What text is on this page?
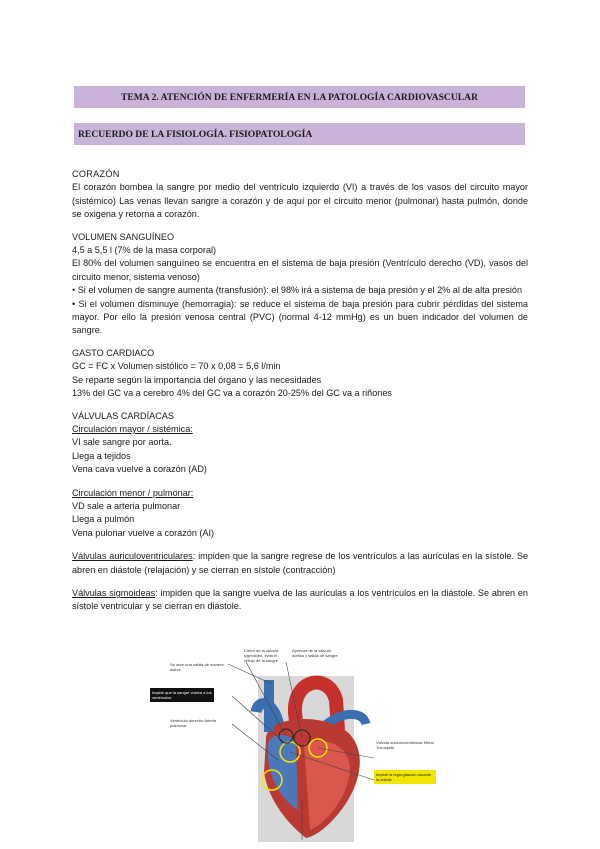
TEMA 2. ATENCIÓN DE ENFERMERÍA EN LA PATOLOGÍA CARDIOVASCULAR
RECUERDO DE LA FISIOLOGÍA. FISIOPATOLOGÍA

CORAZÓN

El corazón bombea la sangre por medio del ventrículo izquierdo (VI) a través de los vasos del circuito mayor (sistémico) Las venas llevan sangre a corazón y de aquí por el circuito menor (pulmonar) hasta pulmón, donde se oxigena y retorna a corazón.

VOLUMEN SANGUÍNEO

4,5 a 5,5 l (7% de la masa corporal)

El 80% del volumen sanguíneo se encuentra en el sistema de baja presión (Ventrículo derecho (VD), vasos del circuito menor, sistema venoso)

• Si el volumen de sangre aumenta (transfusión): el 98% irá a sistema de baja presión y el 2% al de alta presión

• Si el volumen disminuye (hemorragia): se reduce el sistema de baja presión para cubrir pérdidas del sistema mayor. Por ello la presión venosa central (PVC) (normal 4-12 mmHg) es un buen indicador del volumen de sangre.

GASTO CARDIACO

GC = FC x Volumen sistólico = 70 x 0,08 = 5,6 l/min

Se reparte según la importancia del órgano y las necesidades

13% del GC va a cerebro 4% del GC va a corazón 20-25% del GC va a riñones

VÁLVULAS CARDÍACAS

Circulación mayor / sistémica:

VI sale sangre por aorta.

Llega a tejidos

Vena cava vuelve a corazón (AD)

Circulación menor / pulmonar:

VD sale a arteria pulmonar

Llega a pulmón

Vena pulonar vuelve a corazón (AI)

Válvulas auriculoventriculares: impiden que la sangre regrese de los ventrículos a las aurículas en la sístole. Se abren en diástole (relajación) y se cierran en sístole (contracción)

Válvulas sigmoideas: impiden que la sangre vuelva de las aurículas a los ventrículos en la diástole. Se abren en sístole ventricular y se cierran en diástole.

Se abre una salida de manera activa
Cierre de la válvula sigmoidea, evita el reflujo de la sangre
Apertura de la válvula aórtica y salida de sangre
Impide que la sangre vuelva a los ventrículos
Ventrículo derecho Arteria pulmonar
Válvula auriculoventricular Mitral Tricúspide
Impide la regurgitación durante la sístole
